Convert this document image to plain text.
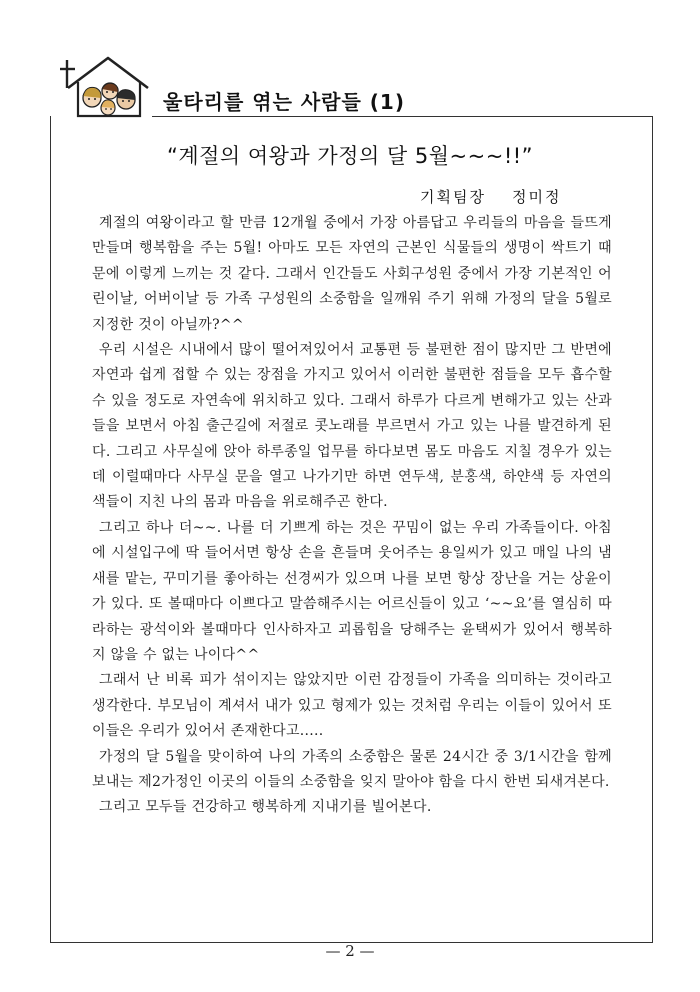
울타리를 엮는 사람들 (1)
“계절의 여왕과 가정의 달 5월~~~!!”
기획팀장 정미정

계절의 여왕이라고 할 만큼 12개월 중에서 가장 아름답고 우리들의 마음을 들뜨게 만들며 행복함을 주는 5월! 아마도 모든 자연의 근본인 식물들의 생명이 싹트기 때문에 이렇게 느끼는 것 같다. 그래서 인간들도 사회구성원 중에서 가장 기본적인 어린이날, 어버이날 등 가족 구성원의 소중함을 일깨워 주기 위해 가정의 달을 5월로 지정한 것이 아닐까?^^

우리 시설은 시내에서 많이 떨어져있어서 교통편 등 불편한 점이 많지만 그 반면에 자연과 쉽게 접할 수 있는 장점을 가지고 있어서 이러한 불편한 점들을 모두 흡수할 수 있을 정도로 자연속에 위치하고 있다. 그래서 하루가 다르게 변해가고 있는 산과 들을 보면서 아침 출근길에 저절로 콧노래를 부르면서 가고 있는 나를 발견하게 된다. 그리고 사무실에 앉아 하루종일 업무를 하다보면 몸도 마음도 지칠 경우가 있는데 이럴때마다 사무실 문을 열고 나가기만 하면 연두색, 분홍색, 하얀색 등 자연의 색들이 지친 나의 몸과 마음을 위로해주곤 한다.

그리고 하나 더~~. 나를 더 기쁘게 하는 것은 꾸밈이 없는 우리 가족들이다. 아침에 시설입구에 딱 들어서면 항상 손을 흔들며 웃어주는 용일씨가 있고 매일 나의 냄새를 맡는, 꾸미기를 좋아하는 선경씨가 있으며 나를 보면 항상 장난을 거는 상윤이가 있다. 또 볼때마다 이쁘다고 말씀해주시는 어르신들이 있고 ‘~~요’를 열심히 따라하는 광석이와 볼때마다 인사하자고 괴롭힘을 당해주는 윤택씨가 있어서 행복하지 않을 수 없는 나이다^^

그래서 난 비록 피가 섞이지는 않았지만 이런 감정들이 가족을 의미하는 것이라고 생각한다. 부모님이 계셔서 내가 있고 형제가 있는 것처럼 우리는 이들이 있어서 또 이들은 우리가 있어서 존재한다고.....

가정의 달 5월을 맞이하여 나의 가족의 소중함은 물론 24시간 중 3/1시간을 함께 보내는 제2가정인 이곳의 이들의 소중함을 잊지 말아야 함을 다시 한번 되새겨본다.

그리고 모두들 건강하고 행복하게 지내기를 빌어본다.

— 2 —
